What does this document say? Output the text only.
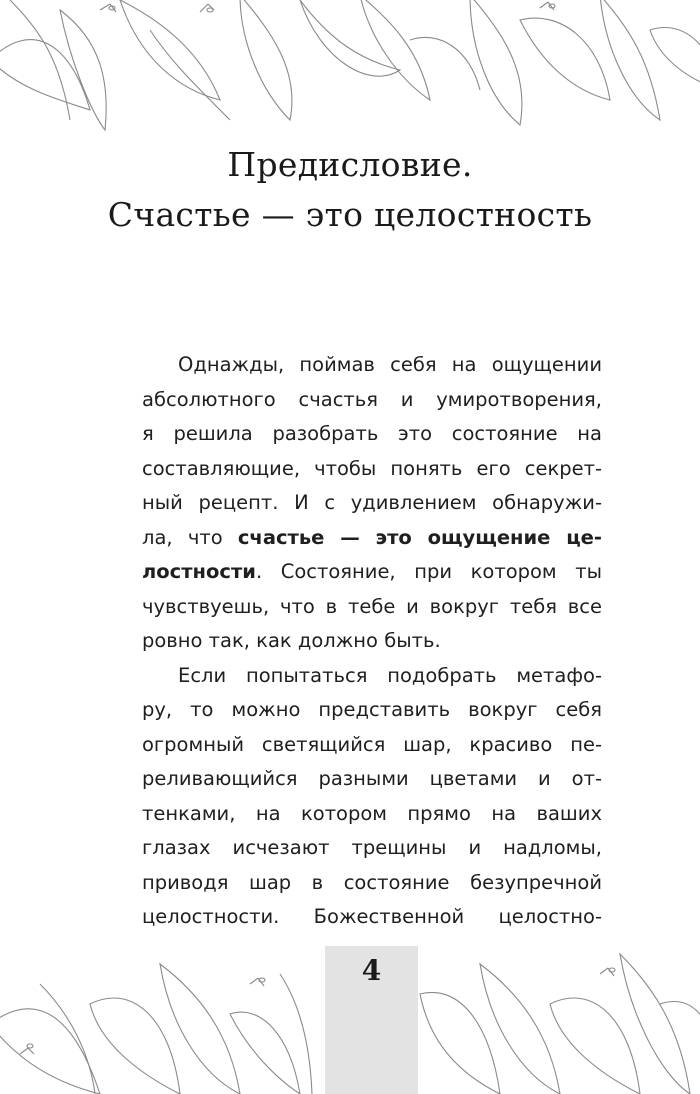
Предисловие.
Счастье — это целостность
Однажды, поймав себя на ощущении
абсолютного счастья и умиротворения,
я решила разобрать это состояние на
составляющие, чтобы понять его секрет-
ный рецепт. И с удивлением обнаружи-
ла, что счастье — это ощущение це-
лостности. Состояние, при котором ты
чувствуешь, что в тебе и вокруг тебя все
ровно так, как должно быть.
Если попытаться подобрать метафо-
ру, то можно представить вокруг себя
огромный светящийся шар, красиво пе-
реливающийся разными цветами и от-
тенками, на котором прямо на ваших
глазах исчезают трещины и надломы,
приводя шар в состояние безупречной
целостности. Божественной целостно-
4
